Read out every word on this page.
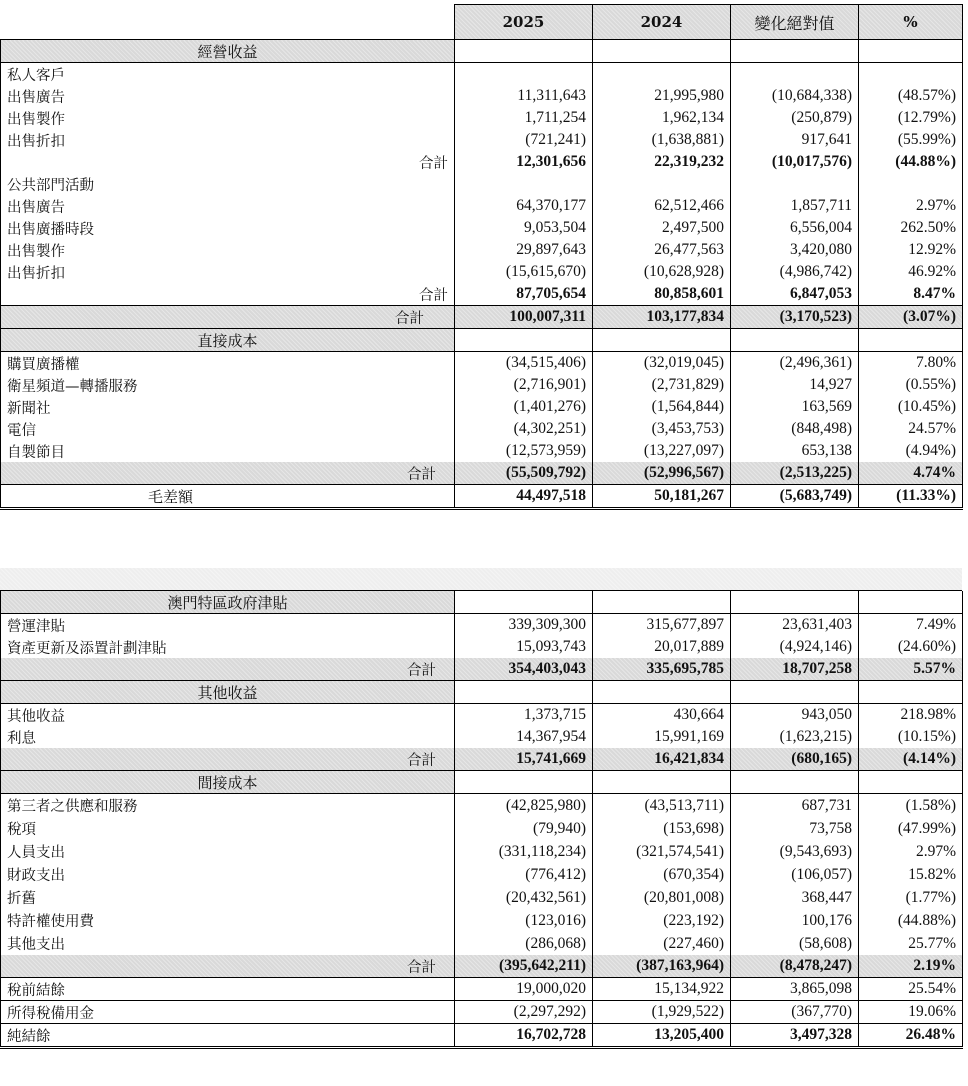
	2025	2024	變化絕對值	%
經營收益				
私人客戶				
出售廣告	11,311,643	21,995,980	(10,684,338)	(48.57%)
出售製作	1,711,254	1,962,134	(250,879)	(12.79%)
出售折扣	(721,241)	(1,638,881)	917,641	(55.99%)
合計	12,301,656	22,319,232	(10,017,576)	(44.88%)
公共部門活動				
出售廣告	64,370,177	62,512,466	1,857,711	2.97%
出售廣播時段	9,053,504	2,497,500	6,556,004	262.50%
出售製作	29,897,643	26,477,563	3,420,080	12.92%
出售折扣	(15,615,670)	(10,628,928)	(4,986,742)	46.92%
合計	87,705,654	80,858,601	6,847,053	8.47%
合計	100,007,311	103,177,834	(3,170,523)	(3.07%)
直接成本				
購買廣播權	(34,515,406)	(32,019,045)	(2,496,361)	7.80%
衛星頻道—轉播服務	(2,716,901)	(2,731,829)	14,927	(0.55%)
新聞社	(1,401,276)	(1,564,844)	163,569	(10.45%)
電信	(4,302,251)	(3,453,753)	(848,498)	24.57%
自製節目	(12,573,959)	(13,227,097)	653,138	(4.94%)
合計	(55,509,792)	(52,996,567)	(2,513,225)	4.74%
毛差額	44,497,518	50,181,267	(5,683,749)	(11.33%)
澳門特區政府津貼				
營運津貼	339,309,300	315,677,897	23,631,403	7.49%
資產更新及添置計劃津貼	15,093,743	20,017,889	(4,924,146)	(24.60%)
合計	354,403,043	335,695,785	18,707,258	5.57%
其他收益				
其他收益	1,373,715	430,664	943,050	218.98%
利息	14,367,954	15,991,169	(1,623,215)	(10.15%)
合計	15,741,669	16,421,834	(680,165)	(4.14%)
間接成本				
第三者之供應和服務	(42,825,980)	(43,513,711)	687,731	(1.58%)
稅項	(79,940)	(153,698)	73,758	(47.99%)
人員支出	(331,118,234)	(321,574,541)	(9,543,693)	2.97%
財政支出	(776,412)	(670,354)	(106,057)	15.82%
折舊	(20,432,561)	(20,801,008)	368,447	(1.77%)
特許權使用費	(123,016)	(223,192)	100,176	(44.88%)
其他支出	(286,068)	(227,460)	(58,608)	25.77%
合計	(395,642,211)	(387,163,964)	(8,478,247)	2.19%
稅前結餘	19,000,020	15,134,922	3,865,098	25.54%
所得稅備用金	(2,297,292)	(1,929,522)	(367,770)	19.06%
純結餘	16,702,728	13,205,400	3,497,328	26.48%
